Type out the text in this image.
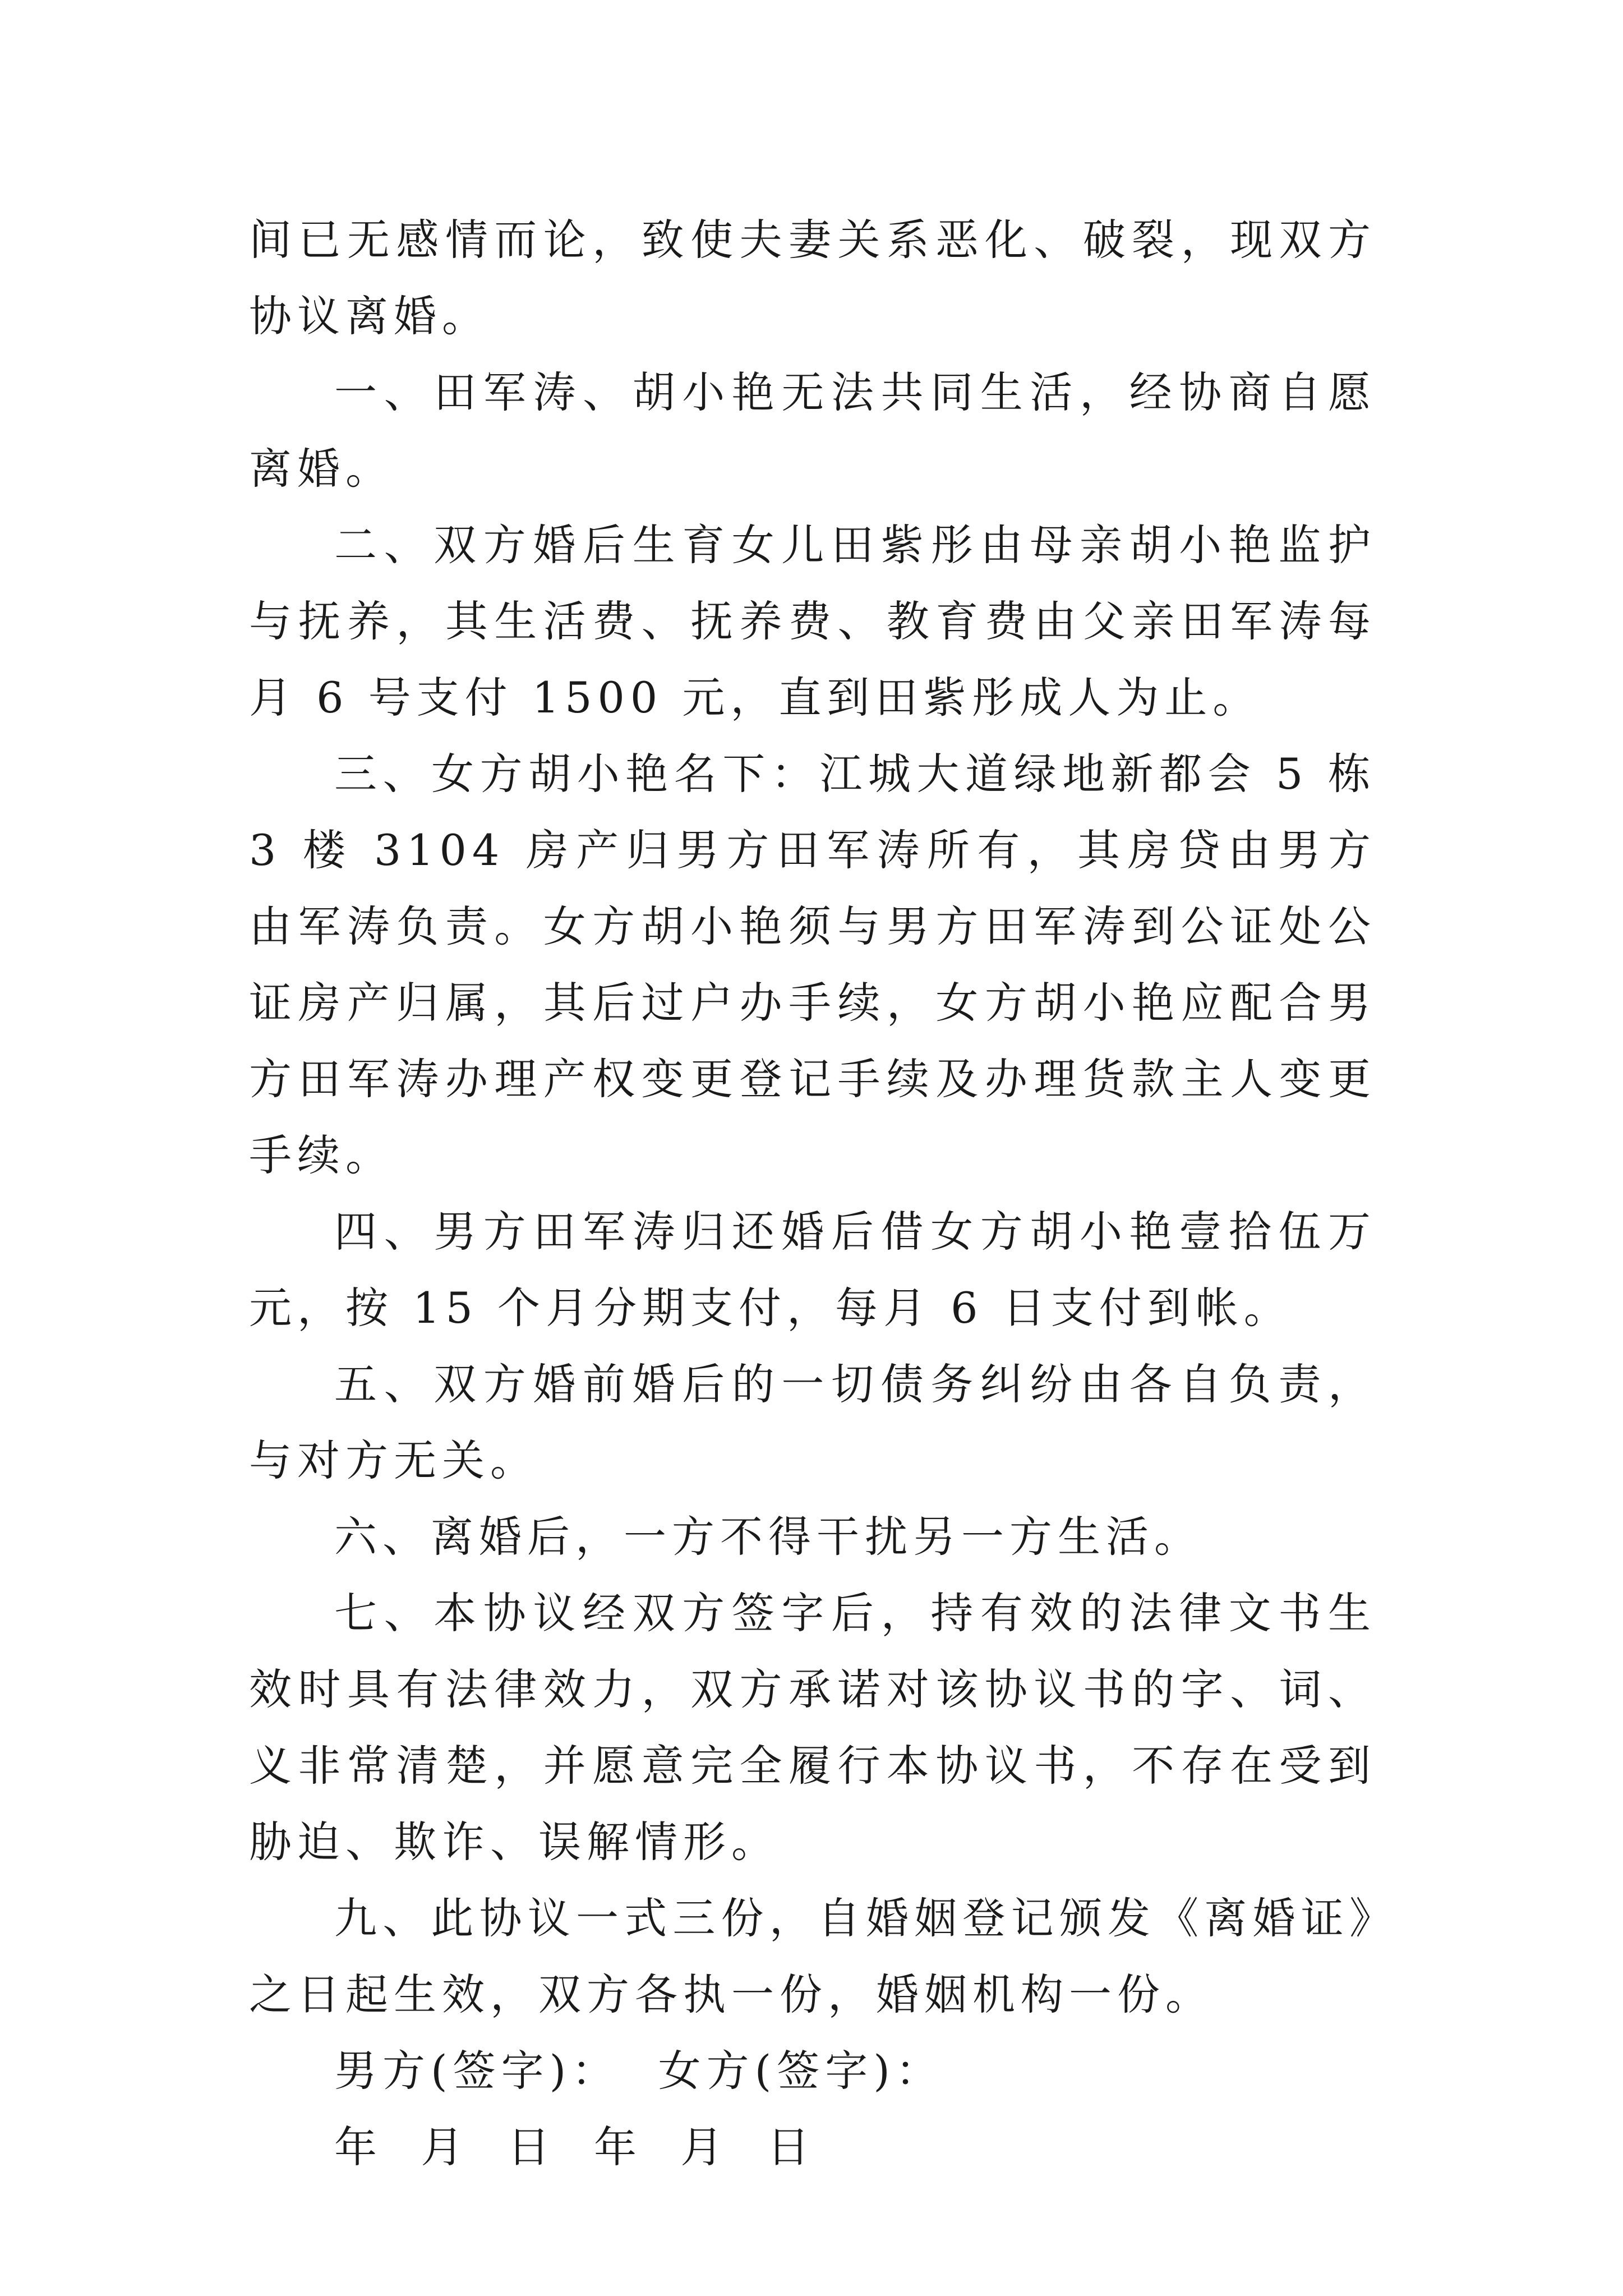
间已无感情而论，致使夫妻关系恶化、破裂，现双方协议离婚。

一、田军涛、胡小艳无法共同生活，经协商自愿离婚。

二、双方婚后生育女儿田紫彤由母亲胡小艳监护与抚养，其生活费、抚养费、教育费由父亲田军涛每月 6 号支付 1500 元，直到田紫彤成人为止。

三、女方胡小艳名下：江城大道绿地新都会 5 栋 3 楼 3104 房产归男方田军涛所有，其房贷由男方由军涛负责。女方胡小艳须与男方田军涛到公证处公证房产归属，其后过户办手续，女方胡小艳应配合男方田军涛办理产权变更登记手续及办理货款主人变更手续。

四、男方田军涛归还婚后借女方胡小艳壹拾伍万元，按 15 个月分期支付，每月 6 日支付到帐。

五、双方婚前婚后的一切债务纠纷由各自负责，与对方无关。

六、离婚后，一方不得干扰另一方生活。

七、本协议经双方签字后，持有效的法律文书生效时具有法律效力，双方承诺对该协议书的字、词、义非常清楚，并愿意完全履行本协议书，不存在受到胁迫、欺诈、误解情形。

九、此协议一式三份，自婚姻登记颁发《离婚证》之日起生效，双方各执一份，婚姻机构一份。

男方(签字)：  女方(签字)：

年  月  日  年  月  日
